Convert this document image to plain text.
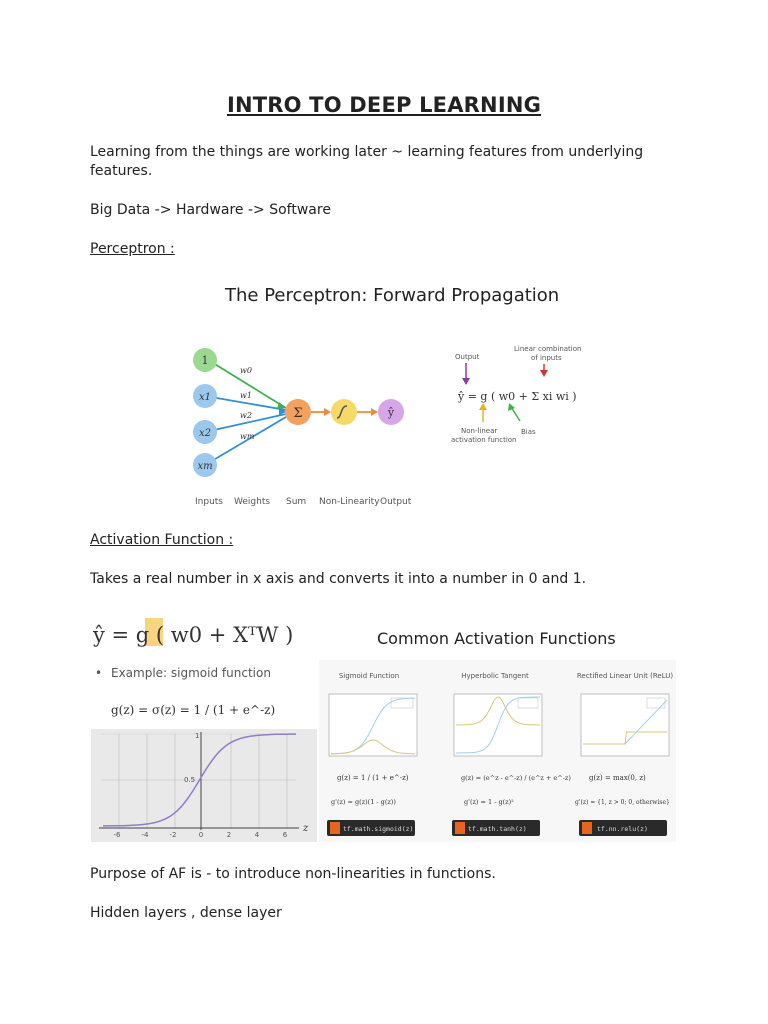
INTRO TO DEEP LEARNING
Learning from the things are working later ~ learning features from underlying features.
Big Data -> Hardware -> Software
Perceptron :
The Perceptron: Forward Propagation
1
x1
x2
xm
Σ	ŷ
w0
w1
w2
wm
Inputs Weights Sum Non-Linearity Output
Output
Linear combination
of inputs
ŷ = g ( w0 + Σ xi wi )
Non-linear
activation function
Bias
Activation Function :
Takes a real number in x axis and converts it into a number in 0 and 1.
ŷ = g ( w0 + XᵀW )
• Example: sigmoid function
g(z) = σ(z) = 1 / (1 + e^-z)
1
0.5
-6	-4	-2	0	2	4	6
z
Common Activation Functions
Sigmoid Function
g(z) = 1 / (1 + e^-z)
g'(z) = g(z)(1 - g(z))
tf.math.sigmoid(z)
Hyperbolic Tangent
g(z) = (e^z - e^-z) / (e^z + e^-z)
g'(z) = 1 - g(z)²
tf.math.tanh(z)
Rectified Linear Unit (ReLU)
g(z) = max(0, z)
g'(z) = {1, z > 0; 0, otherwise}
tf.nn.relu(z)
Purpose of AF is - to introduce non-linearities in functions.
Hidden layers , dense layer
